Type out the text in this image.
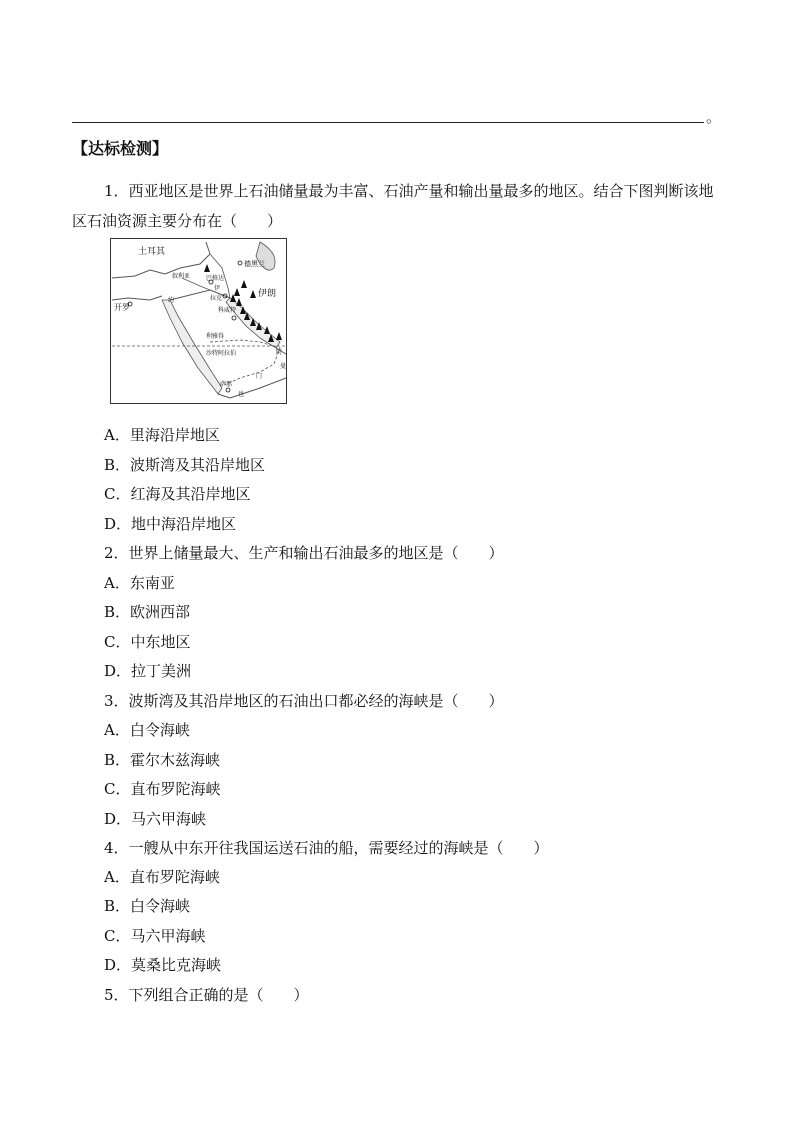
。
【达标检测】
1．西亚地区是世界上石油储量最为丰富、石油产量和输出量最多的地区。结合下图判断该地区石油资源主要分布在（　　）
土耳其
叙利亚	巴格达
德黑兰
伊朗
伊
拉 克
开罗
约
科威特
利雅得
沙特阿拉伯	阿
曼
门
也
萨那
A．里海沿岸地区
B．波斯湾及其沿岸地区
C．红海及其沿岸地区
D．地中海沿岸地区
2．世界上储量最大、生产和输出石油最多的地区是（　　）
A．东南亚
B．欧洲西部
C．中东地区
D．拉丁美洲
3．波斯湾及其沿岸地区的石油出口都必经的海峡是（　　）
A．白令海峡
B．霍尔木兹海峡
C．直布罗陀海峡
D．马六甲海峡
4．一艘从中东开往我国运送石油的船，需要经过的海峡是（　　）
A．直布罗陀海峡
B．白令海峡
C．马六甲海峡
D．莫桑比克海峡
5．下列组合正确的是（　　）
